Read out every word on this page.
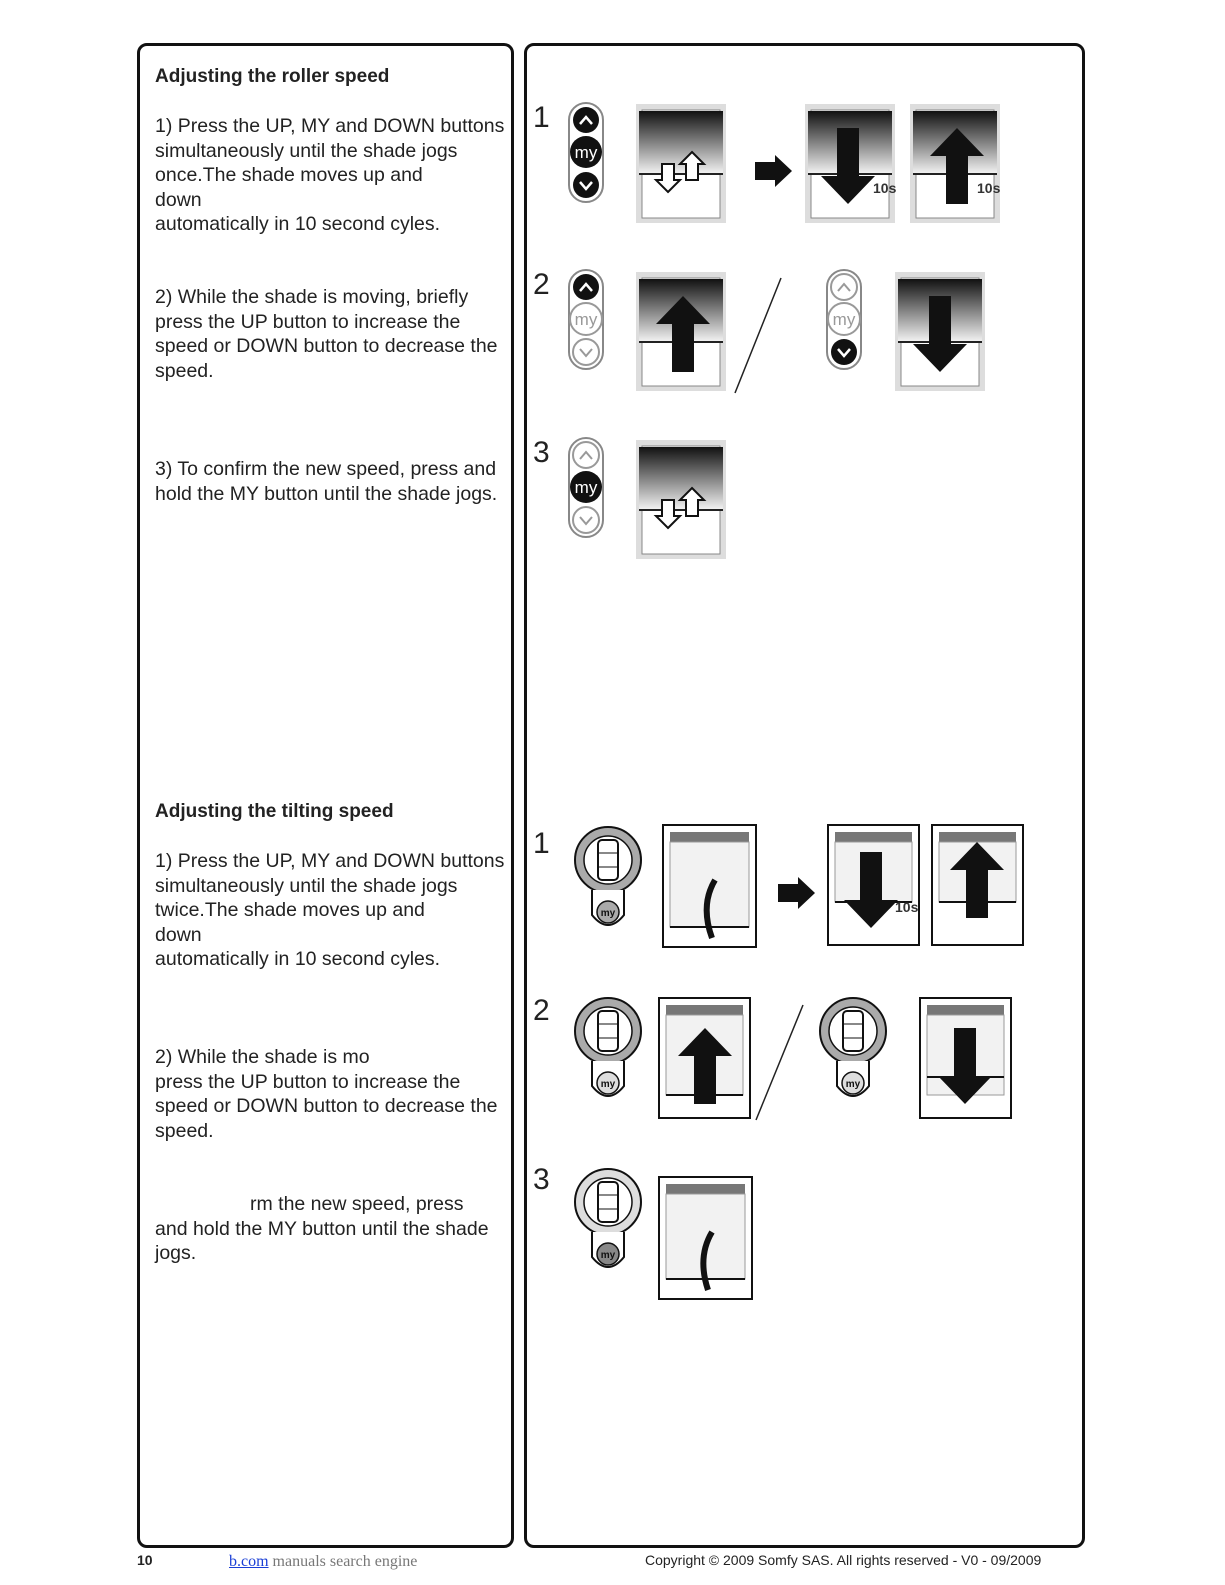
Adjusting the roller speed
1) Press the UP, MY and DOWN buttons simultaneously until the shade jogs once.The shade moves up and
down
automatically in 10 second cyles.
2) While the shade is moving, briefly press the UP button to increase the speed or DOWN button to decrease the speed.
3) To confirm the new speed, press and hold the MY button until the shade jogs.
Adjusting the tilting speed
1) Press the UP, MY and DOWN buttons simultaneously until the shade jogs twice.The shade moves up and
down
automatically in 10 second cyles.
2) While the shade is mo
press the UP button to increase the speed or DOWN button to decrease the speed.
rm the new speed, press
and hold the MY button until the shade jogs.
1
2
3
1
2
3
my
my	my
my
10s	10s
my
my	my
my
10s
10	b.com manuals search engine	Copyright © 2009 Somfy SAS. All rights reserved - V0 - 09/2009
